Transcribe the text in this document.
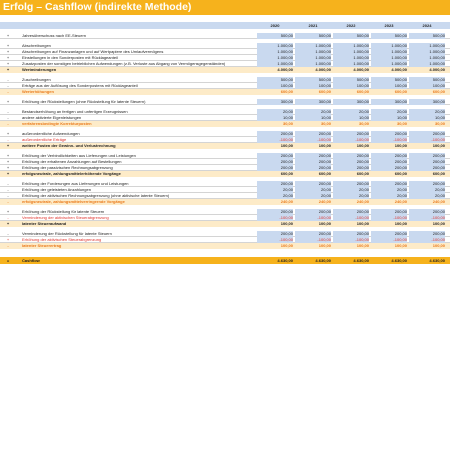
Erfolg – Cashflow (indirekte Methode)
2020	2021	2022	2023	2024
+	Jahresüberschuss nach EE-Steuern	500,00	500,00	500,00	500,00	500,00
+	Abschreibungen	1.000,00	1.000,00	1.000,00	1.000,00	1.000,00
+	Abschreibungen auf Finanzanlagen und auf Wertpapiere des Umlaufvermögens	1.000,00	1.000,00	1.000,00	1.000,00	1.000,00
+	Einstellungen in den Sonderposten mit Rücklageanteil	1.000,00	1.000,00	1.000,00	1.000,00	1.000,00
+	Zusatzposten der sonstigen betrieblichen Aufwendungen (z.B. Verluste aus Abgang von Vermögensgegenständen)	1.000,00	1.000,00	1.000,00	1.000,00	1.000,00
+	Wertminderungen	4.000,00	4.000,00	4.000,00	4.000,00	4.000,00
-	Zuschreibungen	500,00	500,00	500,00	500,00	500,00
-	Erträge aus der Auflösung des Sonderpostens mit Rücklageanteil	100,00	100,00	100,00	100,00	100,00
-	Werterhöhungen	600,00	600,00	600,00	600,00	600,00
+	Erhöhung der Rückstellungen (ohne Rückstellung für latente Steuern)	300,00	300,00	300,00	300,00	300,00
-	Bestandserhöhung an fertigen und unfertigen Erzeugnissen	20,00	20,00	20,00	20,00	20,00
-	andere aktivierte Eigenleistungen	10,00	10,00	10,00	10,00	10,00
-	verfahrensbedingte Korrekturposten	30,00	30,00	30,00	30,00	30,00
+	außerordentliche Aufwendungen	200,00	200,00	200,00	200,00	200,00
-	außerordentliche Erträge	-100,00	-100,00	-100,00	-100,00	-100,00
+	weitere Posten der Gewinn- und Verlustrechnung	100,00	100,00	100,00	100,00	100,00
+	Erhöhung der Verbindlichkeiten aus Lieferungen und Leistungen	200,00	200,00	200,00	200,00	200,00
+	Erhöhung der erhaltenen Anzahlungen auf Bestellungen	200,00	200,00	200,00	200,00	200,00
+	Erhöhung der passivischen Rechnungsabgrenzung	200,00	200,00	200,00	200,00	200,00
+	erfolgsneutrale, zahlungsmittelerhöhende Vorgänge	600,00	600,00	600,00	600,00	600,00
-	Erhöhung der Forderungen aus Lieferungen und Leistungen	200,00	200,00	200,00	200,00	200,00
-	Erhöhung der geleisteten Anzahlungen	20,00	20,00	20,00	20,00	20,00
-	Erhöhung der aktivischen Rechnungsabgrenzung (ohne aktivische latente Steuern)	20,00	20,00	20,00	20,00	20,00
-	erfolgsneutrale, zahlungsmittelverringernde Vorgänge	240,00	240,00	240,00	240,00	240,00
+	Erhöhung der Rückstellung für latente Steuern	200,00	200,00	200,00	200,00	200,00
-	Verminderung der aktivischen Steuerabgrenzung	-100,00	-100,00	-100,00	-100,00	-100,00
+	latenter Steueraufwand	100,00	100,00	100,00	100,00	100,00
-	Verminderung der Rückstellung für latente Steuern	200,00	200,00	200,00	200,00	200,00
+	Erhöhung der aktivischen Steuerabgrenzung	-100,00	-100,00	-100,00	-100,00	-100,00
-	latenter Steuerertrag	100,00	100,00	100,00	100,00	100,00
=	Cashflow	4.630,00	4.630,00	4.630,00	4.630,00	4.630,00
